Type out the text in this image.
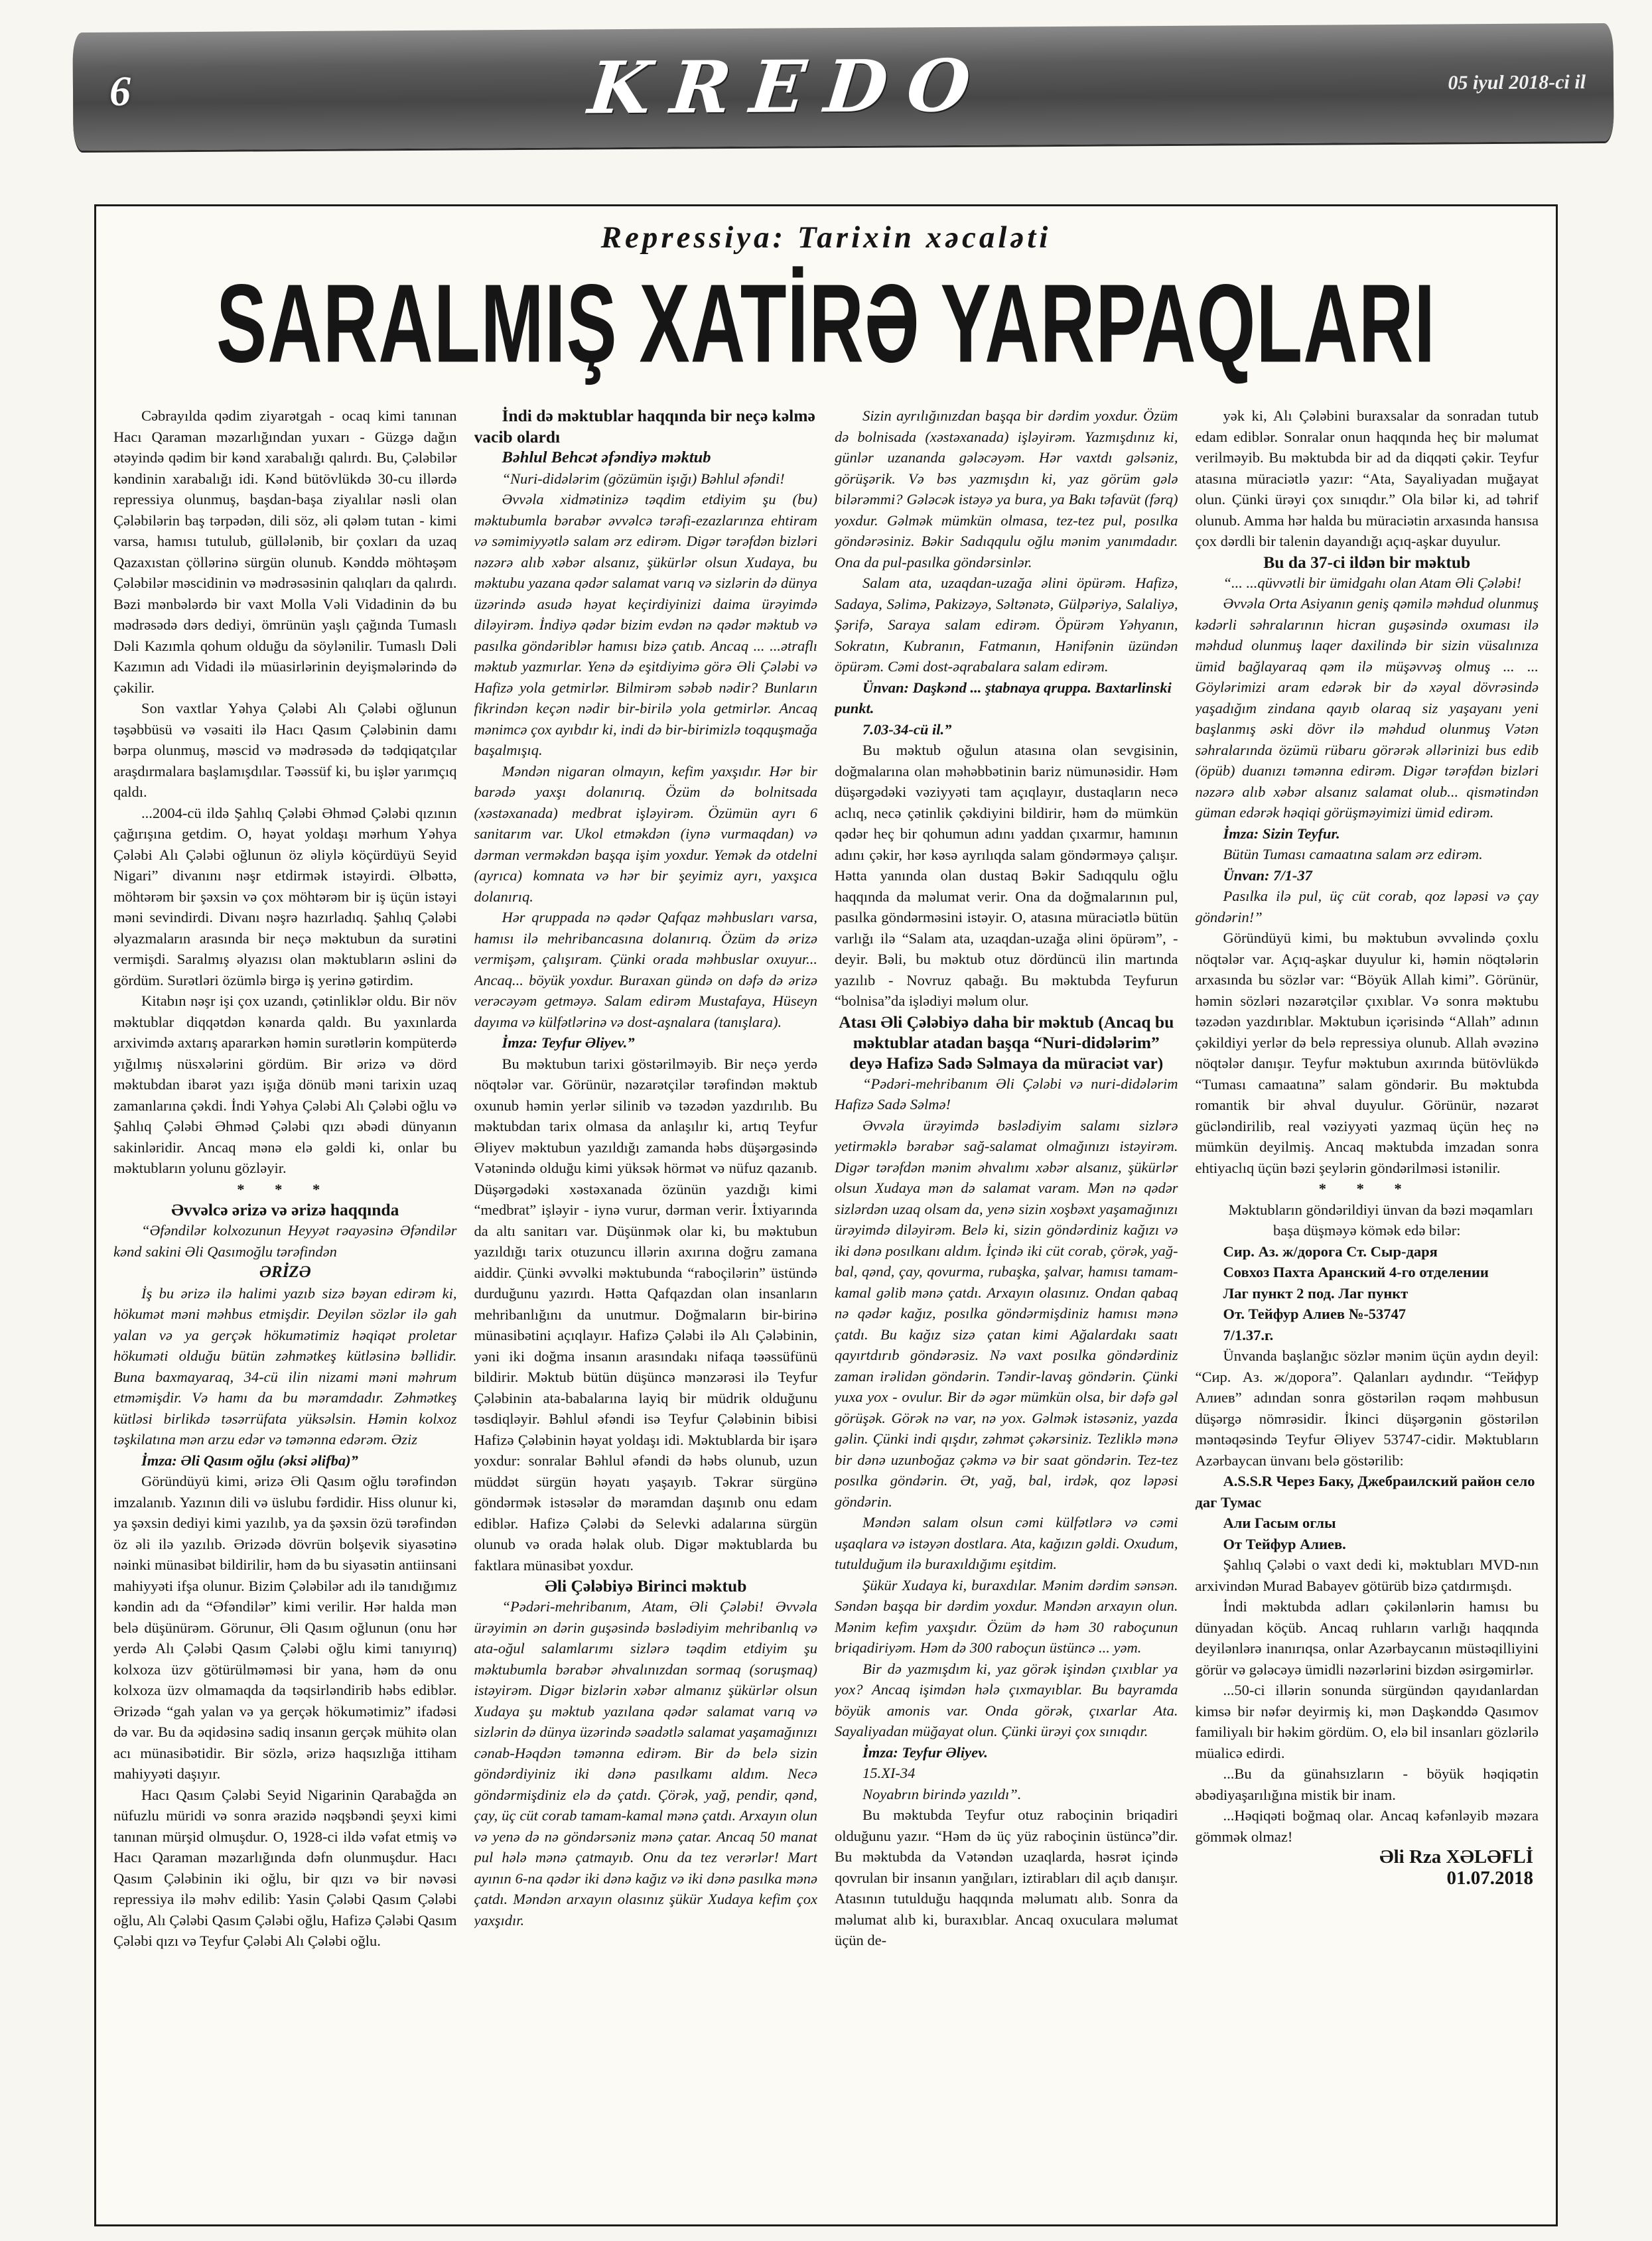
6	KREDO	05 iyul 2018-ci il
Repressiya: Tarixin xəcaləti
SARALMIŞ XATİRƏ YARPAQLARI
Cəbrayılda qədim ziyarətgah - ocaq kimi tanınan Hacı Qaraman məzarlığından yuxarı - Güzgə dağın ətəyində qədim bir kənd xarabalığı qalırdı. Bu, Çələbilər kəndinin xarabalığı idi. Kənd bütövlükdə 30-cu illərdə repressiya olunmuş, başdan-başa ziyalılar nəsli olan Çələbilərin baş tərpədən, dili söz, əli qələm tutan - kimi varsa, hamısı tutulub, güllələnib, bir çoxları da uzaq Qazaxıstan çöllərinə sürgün olunub. Kənddə möhtəşəm Çələbilər məscidinin və mədrəsəsinin qalıqları da qalırdı. Bəzi mənbələrdə bir vaxt Molla Vəli Vidadinin də bu mədrəsədə dərs dediyi, ömrünün yaşlı çağında Tumaslı Dəli Kazımla qohum olduğu da söylənilir. Tumaslı Dəli Kazımın adı Vidadi ilə müasirlərinin deyişmələrində də çəkilir.
Son vaxtlar Yəhya Çələbi Alı Çələbi oğlunun təşəbbüsü və vəsaiti ilə Hacı Qasım Çələbinin damı bərpa olunmuş, məscid və mədrəsədə də tədqiqatçılar araşdırmalara başlamışdılar. Təəssüf ki, bu işlər yarımçıq qaldı.
...2004-cü ildə Şahlıq Çələbi Əhməd Çələbi qızının çağırışına getdim. O, həyat yoldaşı mərhum Yəhya Çələbi Alı Çələbi oğlunun öz əliylə köçürdüyü Seyid Nigari” divanını nəşr etdirmək istəyirdi. Əlbəttə, möhtərəm bir şəxsin və çox möhtərəm bir iş üçün istəyi məni sevindirdi. Divanı nəşrə hazırladıq. Şahlıq Çələbi əlyazmaların arasında bir neçə məktubun da surətini vermişdi. Saralmış əlyazısı olan məktubların əslini də gördüm. Surətləri özümlə birgə iş yerinə gətirdim.
Kitabın nəşr işi çox uzandı, çətinliklər oldu. Bir növ məktublar diqqətdən kənarda qaldı. Bu yaxınlarda arxivimdə axtarış apararkən həmin surətlərin kompüterdə yığılmış nüsxələrini gördüm. Bir ərizə və dörd məktubdan ibarət yazı işığa dönüb məni tarixin uzaq zamanlarına çəkdi. İndi Yəhya Çələbi Alı Çələbi oğlu və Şahlıq Çələbi Əhməd Çələbi qızı əbədi dünyanın sakinləridir. Ancaq mənə elə gəldi ki, onlar bu məktubların yolunu gözləyir.
* * *
Əvvəlcə ərizə və ərizə haqqında
“Əfəndilər kolxozunun Heyyət rəayəsinə Əfəndilər kənd sakini Əli Qasımoğlu tərəfindən
ƏRİZƏ
İş bu ərizə ilə halimi yazıb sizə bəyan edirəm ki, hökumət məni məhbus etmişdir. Deyilən sözlər ilə gah yalan və ya gerçək hökumətimiz həqiqət proletar hökuməti olduğu bütün zəhmətkeş kütləsinə bəllidir. Buna baxmayaraq, 34-cü ilin nizami məni məhrum etməmişdir. Və hamı da bu məramdadır. Zəhmətkeş kütləsi birlikdə təsərrüfata yüksəlsin. Həmin kolxoz təşkilatına mən arzu edər və təmənna edərəm. Əziz
İmza: Əli Qasım oğlu (əksi əlifba)”
Göründüyü kimi, ərizə Əli Qasım oğlu tərəfindən imzalanıb. Yazının dili və üslubu fərdidir. Hiss olunur ki, ya şəxsin dediyi kimi yazılıb, ya da şəxsin özü tərəfindən öz əli ilə yazılıb. Ərizədə dövrün bolşevik siyasətinə nəinki münasibət bildirilir, həm də bu siyasətin antiinsani mahiyyəti ifşa olunur. Bizim Çələbilər adı ilə tanıdığımız kəndin adı da “Əfəndilər” kimi verilir. Hər halda mən belə düşünürəm. Görunur, Əli Qasım oğlunun (onu hər yerdə Alı Çələbi Qasım Çələbi oğlu kimi tanıyırıq) kolxoza üzv götürülməməsi bir yana, həm də onu kolxoza üzv olmamaqda da təqsirləndirib həbs ediblər. Ərizədə “gah yalan və ya gerçək hökumətimiz” ifadəsi də var. Bu da əqidəsinə sadiq insanın gerçək mühitə olan acı münasibətidir. Bir sözlə, ərizə haqsızlığa ittiham mahiyyəti daşıyır.
Hacı Qasım Çələbi Seyid Nigarinin Qarabağda ən nüfuzlu müridi və sonra ərazidə nəqşbəndi şeyxi kimi tanınan mürşid olmuşdur. O, 1928-ci ildə vəfat etmiş və Hacı Qaraman məzarlığında dəfn olunmuşdur. Hacı Qasım Çələbinin iki oğlu, bir qızı və bir nəvəsi repressiya ilə məhv edilib: Yasin Çələbi Qasım Çələbi oğlu, Alı Çələbi Qasım Çələbi oğlu, Hafizə Çələbi Qasım Çələbi qızı və Teyfur Çələbi Alı Çələbi oğlu.
İndi də məktublar haqqında bir neçə kəlmə vacib olardı
Bəhlul Behcət əfəndiyə məktub
“Nuri-didələrim (gözümün işığı) Bəhlul əfəndi!
Əvvəla xidmətinizə təqdim etdiyim şu (bu) məktubumla bərabər əvvəlcə tərəfi-ezazlarınza ehtiram və səmimiyyətlə salam ərz edirəm. Digər tərəfdən bizləri nəzərə alıb xəbər alsanız, şükürlər olsun Xudaya, bu məktubu yazana qədər salamat varıq və sizlərin də dünya üzərində asudə həyat keçirdiyinizi daima ürəyimdə diləyirəm. İndiyə qədər bizim evdən nə qədər məktub və pasılka göndəriblər hamısı bizə çatıb. Ancaq ... ...ətraflı məktub yazmırlar. Yenə də eşitdiyimə görə Əli Çələbi və Hafizə yola getmirlər. Bilmirəm səbəb nədir? Bunların fikrindən keçən nədir bir-birilə yola getmirlər. Ancaq mənimcə çox ayıbdır ki, indi də bir-birimizlə toqquşmağa başalmışıq.
Məndən nigaran olmayın, kefim yaxşıdır. Hər bir barədə yaxşı dolanırıq. Özüm də bolnitsada (xəstəxanada) medbrat işləyirəm. Özümün ayrı 6 sanitarım var. Ukol etməkdən (iynə vurmaqdan) və dərman verməkdən başqa işim yoxdur. Yemək də otdelni (ayrıca) komnata və hər bir şeyimiz ayrı, yaxşıca dolanırıq.
Hər qruppada nə qədər Qafqaz məhbusları varsa, hamısı ilə mehribancasına dolanırıq. Özüm də ərizə vermişəm, çalışıram. Çünki orada məhbuslar oxuyur... Ancaq... böyük yoxdur. Buraxan gündə on dəfə də ərizə verəcəyəm getməyə. Salam edirəm Mustafaya, Hüseyn dayıma və külfətlərinə və dost-aşnalara (tanışlara).
İmza: Teyfur Əliyev.”
Bu məktubun tarixi göstərilməyib. Bir neçə yerdə nöqtələr var. Görünür, nəzarətçilər tərəfindən məktub oxunub həmin yerlər silinib və təzədən yazdırılıb. Bu məktubdan tarix olmasa da anlaşılır ki, artıq Teyfur Əliyev məktubun yazıldığı zamanda həbs düşərgəsində Vətənində olduğu kimi yüksək hörmət və nüfuz qazanıb. Düşərgədəki xəstəxanada özünün yazdığı kimi “medbrat” işləyir - iynə vurur, dərman verir. İxtiyarında da altı sanitarı var. Düşünmək olar ki, bu məktubun yazıldığı tarix otuzuncu illərin axırına doğru zamana aiddir. Çünki əvvəlki məktubunda “raboçilərin” üstündə durduğunu yazırdı. Hətta Qafqazdan olan insanların mehribanlığını da unutmur. Doğmaların bir-birinə münasibətini açıqlayır. Hafizə Çələbi ilə Alı Çələbinin, yəni iki doğma insanın arasındakı nifaqa təəssüfünü bildirir. Məktub bütün düşüncə mənzərəsi ilə Teyfur Çələbinin ata-babalarına layiq bir müdrik olduğunu təsdiqləyir. Bəhlul əfəndi isə Teyfur Çələbinin bibisi Hafizə Çələbinin həyat yoldaşı idi. Məktublarda bir işarə yoxdur: sonralar Bəhlul əfəndi də həbs olunub, uzun müddət sürgün həyatı yaşayıb. Təkrar sürgünə göndərmək istəsələr də məramdan daşınıb onu edam ediblər. Hafizə Çələbi də Selevki adalarına sürgün olunub və orada həlak olub. Digər məktublarda bu faktlara münasibət yoxdur.
Əli Çələbiyə Birinci məktub
“Pədəri-mehribanım, Atam, Əli Çələbi! Əvvəla ürəyimin ən dərin guşəsində bəslədiyim mehribanlıq və ata-oğul salamlarımı sizlərə təqdim etdiyim şu məktubumla bərabər əhvalınızdan sormaq (soruşmaq) istəyirəm. Digər bizlərin xəbər almanız şükürlər olsun Xudaya şu məktub yazılana qədər salamat varıq və sizlərin də dünya üzərində səadətlə salamat yaşamağınızı cənab-Həqdən təmənna edirəm. Bir də belə sizin göndərdiyiniz iki dənə pasılkamı aldım. Necə göndərmişdiniz elə də çatdı. Çörək, yağ, pendir, qənd, çay, üç cüt corab tamam-kamal mənə çatdı. Arxayın olun və yenə də nə göndərsəniz mənə çatar. Ancaq 50 manat pul hələ mənə çatmayıb. Onu da tez verərlər! Mart ayının 6-na qədər iki dənə kağız və iki dənə pasılka mənə çatdı. Məndən arxayın olasınız şükür Xudaya kefim çox yaxşıdır.
Sizin ayrılığınızdan başqa bir dərdim yoxdur. Özüm də bolnisada (xəstəxanada) işləyirəm. Yazmışdınız ki, günlər uzananda gələcəyəm. Hər vaxtdı gəlsəniz, görüşərik. Və bəs yazmışdın ki, yaz görüm gələ bilərəmmi? Gələcək istəyə ya bura, ya Bakı təfavüt (fərq) yoxdur. Gəlmək mümkün olmasa, tez-tez pul, posılka göndərəsiniz. Bəkir Sadıqqulu oğlu mənim yanımdadır. Ona da pul-pasılka göndərsinlər.
Salam ata, uzaqdan-uzağa əlini öpürəm. Hafizə, Sadaya, Səlimə, Pakizəyə, Səltənətə, Gülpəriyə, Salaliyə, Şərifə, Saraya salam edirəm. Öpürəm Yəhyanın, Sokratın, Kubranın, Fatmanın, Hənifənin üzündən öpürəm. Cəmi dost-əqrabalara salam edirəm.
Ünvan: Daşkənd ... ştabnaya qruppa. Baxtarlinski punkt.
7.03-34-cü il.”
Bu məktub oğulun atasına olan sevgisinin, doğmalarına olan məhəbbətinin bariz nümunəsidir. Həm düşərgədəki vəziyyəti tam açıqlayır, dustaqların necə aclıq, necə çətinlik çəkdiyini bildirir, həm də mümkün qədər heç bir qohumun adını yaddan çıxarmır, hamının adını çəkir, hər kəsə ayrılıqda salam göndərməyə çalışır. Hətta yanında olan dustaq Bəkir Sadıqqulu oğlu haqqında da məlumat verir. Ona da doğmalarının pul, pasılka göndərməsini istəyir. O, atasına müraciətlə bütün varlığı ilə “Salam ata, uzaqdan-uzağa əlini öpürəm”, - deyir. Bəli, bu məktub otuz dördüncü ilin martında yazılıb - Novruz qabağı. Bu məktubda Teyfurun “bolnisa”da işlədiyi məlum olur.
Atası Əli Çələbiyə daha bir məktub (Ancaq bu məktublar atadan başqa “Nuri-didələrim” deyə Hafizə Sadə Səlmaya da müraciət var)
“Pədəri-mehribanım Əli Çələbi və nuri-didələrim Hafizə Sadə Səlmə!
Əvvəla ürəyimdə bəslədiyim salamı sizlərə yetirməklə bərabər sağ-salamat olmağınızı istəyirəm. Digər tərəfdən mənim əhvalımı xəbər alsanız, şükürlər olsun Xudaya mən də salamat varam. Mən nə qədər sizlərdən uzaq olsam da, yenə sizin xoşbəxt yaşamağınızı ürəyimdə diləyirəm. Belə ki, sizin göndərdiniz kağızı və iki dənə posılkanı aldım. İçində iki cüt corab, çörək, yağ-bal, qənd, çay, qovurma, rubaşka, şalvar, hamısı tamam-kamal gəlib mənə çatdı. Arxayın olasınız. Ondan qabaq nə qədər kağız, posılka göndərmişdiniz hamısı mənə çatdı. Bu kağız sizə çatan kimi Ağalardakı saatı qayırtdırıb göndərəsiz. Nə vaxt posılka göndərdiniz zaman irəlidən göndərin. Təndir-lavaş göndərin. Çünki yuxa yox - ovulur. Bir də əgər mümkün olsa, bir dəfə gəl görüşək. Görək nə var, nə yox. Gəlmək istəsəniz, yazda gəlin. Çünki indi qışdır, zəhmət çəkərsiniz. Tezliklə mənə bir dənə uzunboğaz çəkmə və bir saat göndərin. Tez-tez posılka göndərin. Ət, yağ, bal, irdək, qoz ləpəsi göndərin.
Məndən salam olsun cəmi külfətlərə və cəmi uşaqlara və istəyən dostlara. Ata, kağızın gəldi. Oxudum, tutulduğum ilə buraxıldığımı eşitdim.
Şükür Xudaya ki, buraxdılar. Mənim dərdim sənsən. Səndən başqa bir dərdim yoxdur. Məndən arxayın olun. Mənim kefim yaxşıdır. Özüm də həm 30 raboçunun briqadiriyəm. Həm də 300 raboçun üstüncə ... yəm.
Bir də yazmışdım ki, yaz görək işindən çıxıblar ya yox? Ancaq işimdən hələ çıxmayıblar. Bu bayramda böyük amonis var. Onda görək, çıxarlar Ata. Sayaliyadan müğayat olun. Çünki ürəyi çox sınıqdır.
İmza: Teyfur Əliyev.
15.XI-34
Noyabrın birində yazıldı”.
Bu məktubda Teyfur otuz raboçinin briqadiri olduğunu yazır. “Həm də üç yüz raboçinin üstüncə”dir. Bu məktubda da Vətəndən uzaqlarda, həsrət içində qovrulan bir insanın yanğıları, iztirabları dil açıb danışır. Atasının tutulduğu haqqında məlumatı alıb. Sonra da məlumat alıb ki, buraxıblar. Ancaq oxuculara məlumat üçün de-
yək ki, Alı Çələbini buraxsalar da sonradan tutub edam ediblər. Sonralar onun haqqında heç bir məlumat verilməyib. Bu məktubda bir ad da diqqəti çəkir. Teyfur atasına müraciətlə yazır: “Ata, Sayaliyadan muğayat olun. Çünki ürəyi çox sınıqdır.” Ola bilər ki, ad təhrif olunub. Amma hər halda bu müraciətin arxasında hansısa çox dərdli bir talenin dayandığı açıq-aşkar duyulur.
Bu da 37-ci ildən bir məktub
“... ...qüvvətli bir ümidgahı olan Atam Əli Çələbi!
Əvvəla Orta Asiyanın geniş qəmilə məhdud olunmuş kədərli səhralarının hicran guşəsində oxuması ilə məhdud olunmuş laqer daxilində bir sizin vüsalınıza ümid bağlayaraq qəm ilə müşəvvəş olmuş ... ... Göylərimizi aram edərək bir də xəyal dövrəsində yaşadığım zindana qayıb olaraq siz yaşayanı yeni başlanmış əski dövr ilə məhdud olunmuş Vətən səhralarında özümü rübaru görərək əllərinizi bus edib (öpüb) duanızı təmənna edirəm. Digər tərəfdən bizləri nəzərə alıb xəbər alsanız salamat olub... qismətindən güman edərək həqiqi görüşməyimizi ümid edirəm.
İmza: Sizin Teyfur.
Bütün Tuması camaatına salam ərz edirəm.
Ünvan: 7/1-37
Pasılka ilə pul, üç cüt corab, qoz ləpəsi və çay göndərin!”
Göründüyü kimi, bu məktubun əvvəlində çoxlu nöqtələr var. Açıq-aşkar duyulur ki, həmin nöqtələrin arxasında bu sözlər var: “Böyük Allah kimi”. Görünür, həmin sözləri nəzarətçilər çıxıblar. Və sonra məktubu təzədən yazdırıblar. Məktubun içərisində “Allah” adının çəkildiyi yerlər də belə repressiya olunub. Allah əvəzinə nöqtələr danışır. Teyfur məktubun axırında bütövlükdə “Tuması camaatına” salam göndərir. Bu məktubda romantik bir əhval duyulur. Görünür, nəzarət gücləndirilib, real vəziyyəti yazmaq üçün heç nə mümkün deyilmiş. Ancaq məktubda imzadan sonra ehtiyaclıq üçün bəzi şeylərin göndərilməsi istənilir.
* * *
Məktubların göndərildiyi ünvan da bəzi məqamları başa düşməyə kömək edə bilər:
Сир. Аз. ж/дорога Ст. Сыр-даря
Совхоз Пахта Аранский 4-го отделении
Лаг пункт 2 под. Лаг пункт
От. Тейфур Алиев №-53747
7/1.37.г.
Ünvanda başlanğıc sözlər mənim üçün aydın deyil: “Сир. Аз. ж/дорога”. Qalanları aydındır. “Тейфур Алиев” adından sonra göstərilən rəqəm məhbusun düşərgə nömrəsidir. İkinci düşərgənin göstərilən məntəqəsində Teyfur Əliyev 53747-cidir. Məktubların Azərbaycan ünvanı belə göstərilib:
A.S.S.R Через Баку, Джебраилский район село даг Тумас
Али Гасым оглы
От Тейфур Алиев.
Şahlıq Çələbi o vaxt dedi ki, məktubları MVD-nın arxivindən Murad Babayev götürüb bizə çatdırmışdı.
İndi məktubda adları çəkilənlərin hamısı bu dünyadan köçüb. Ancaq ruhların varlığı haqqında deyilənlərə inanırıqsa, onlar Azərbaycanın müstəqilliyini görür və gələcəyə ümidli nəzərlərini bizdən əsirgəmirlər.
...50-ci illərin sonunda sürgündən qayıdanlardan kimsə bir nəfər deyirmiş ki, mən Daşkənddə Qasımov familiyalı bir həkim gördüm. O, elə bil insanları gözlərilə müalicə edirdi.
...Bu da günahsızların - böyük həqiqətin əbədiyaşarılığına mistik bir inam.
...Həqiqəti boğmaq olar. Ancaq kəfənləyib məzara gömmək olmaz!
Əli Rza XƏLƏFLİ
01.07.2018
